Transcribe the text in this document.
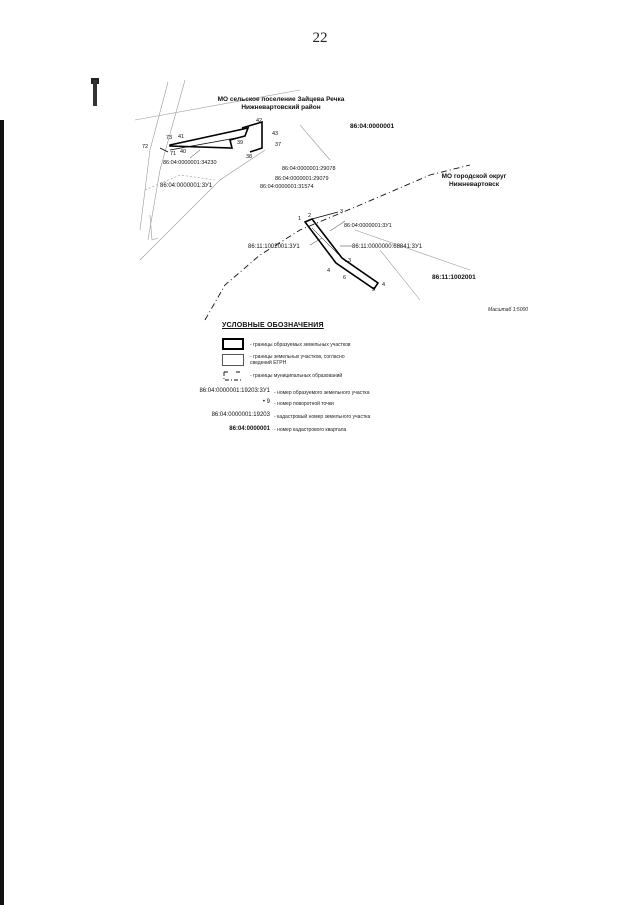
22
МО сельское поселение Зайцева Речка
Нижневартовский район
МО городской округ
Нижневартовск
86:04:0000001
86:11:1002001
86:04:0000001:34230
86:04:0000001:3У1
86:04:0000001:29078
86:04:0000001:29079
86:04:0000001:31574
86:04:0000001:3У1
86:11:1002001:3У1	86:11:0000000:68841:3У1
72
73 41
71 40
39
42
43
37
38
1 2
3
3
4
5
4
6
Масштаб 1:5000
УСЛОВНЫЕ ОБОЗНАЧЕНИЯ
- границы образуемых земельных участков
- границы земельных участков, согласно
сведений ЕГРН
- границы муниципальных образований
86:04:0000001:19203:3У1 - номер образуемого земельного участка
• 9 - номер поворотной точки
86:04:0000001:19203 - кадастровый номер земельного участка
86:04:0000001 - номер кадастрового квартала
